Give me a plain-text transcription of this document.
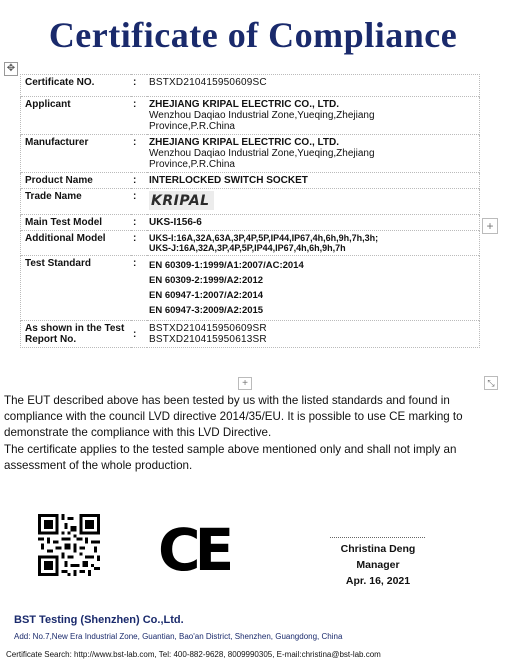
Certificate of Compliance
✥
Certificate NO.	:	BSTXD210415950609SC
Applicant	:	ZHEJIANG KRIPAL ELECTRIC CO., LTD.
Wenzhou Daqiao Industrial Zone,Yueqing,Zhejiang
Province,P.R.China

Manufacturer	:	ZHEJIANG KRIPAL ELECTRIC CO., LTD.
Wenzhou Daqiao Industrial Zone,Yueqing,Zhejiang
Province,P.R.China

Product Name	:	INTERLOCKED SWITCH SOCKET
Trade Name	:	KRIPAL
Main Test Model	:	UKS-I156-6
Additional Model	:	UKS-I:16A,32A,63A,3P,4P,5P,IP44,IP67,4h,6h,9h,7h,3h;
UKS-J:16A,32A,3P,4P,5P,IP44,IP67,4h,6h,9h,7h

Test Standard	:	EN 60309-1:1999/A1:2007/AC:2014
EN 60309-2:1999/A2:2012
EN 60947-1:2007/A2:2014
EN 60947-3:2009/A2:2015

As shown in the Test Report No.	:	BSTXD210415950609SR
BSTXD210415950613SR
+
+	⤡
The EUT described above has been tested by us with the listed standards and found in compliance with the council LVD directive 2014/35/EU. It is possible to use CE marking to demonstrate the compliance with this LVD Directive.
The certificate applies to the tested sample above mentioned only and shall not imply an assessment of the whole production.
CE	Christina Deng
Manager
Apr. 16, 2021
BST Testing (Shenzhen) Co.,Ltd.
Add: No.7,New Era Industrial Zone, Guantian, Bao'an District, Shenzhen, Guangdong, China
Certificate Search: http://www.bst-lab.com, Tel: 400-882-9628, 8009990305, E-mail:christina@bst-lab.com
